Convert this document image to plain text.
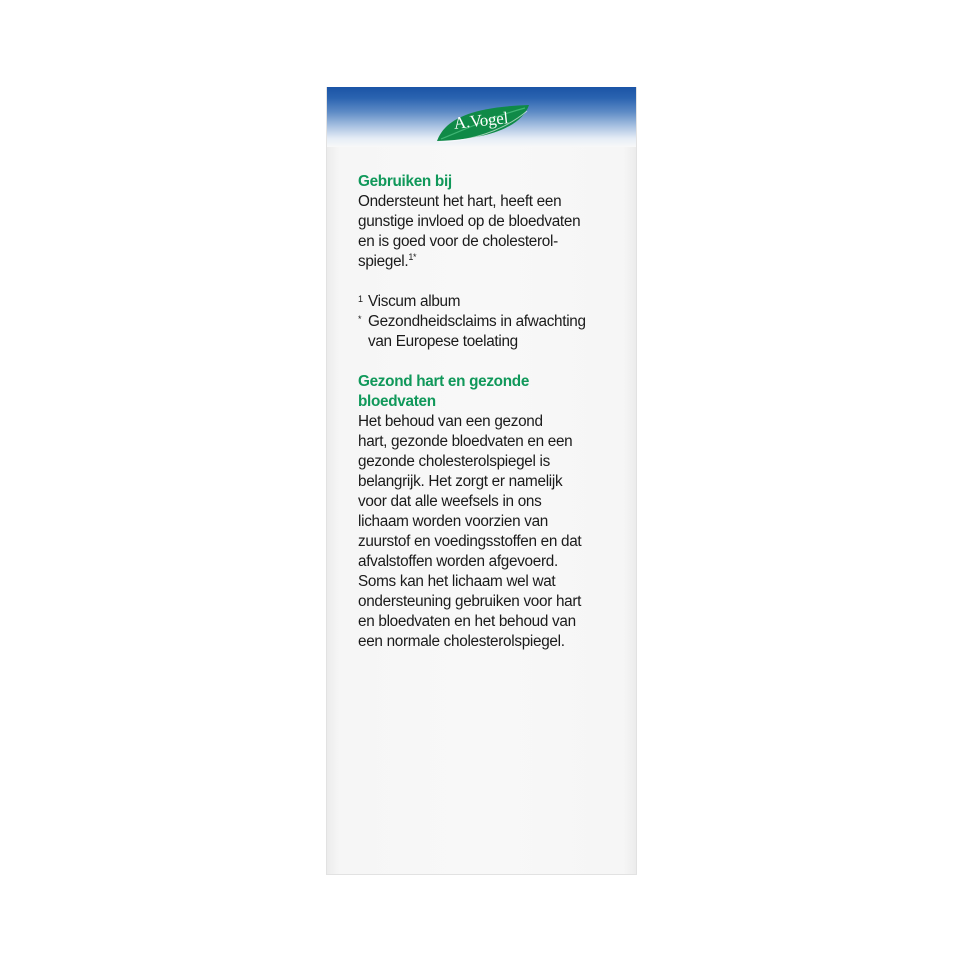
A.Vogel
Gebruiken bij

Ondersteunt het hart, heeft een
gunstige invloed op de bloedvaten
en is goed voor de cholesterol-
spiegel.$^{1*}$

1 Viscum album
* Gezondheidsclaims in afwachting
van Europese toelating
Gezond hart en gezonde
bloedvaten

Het behoud van een gezond
hart, gezonde bloedvaten en een
gezonde cholesterolspiegel is
belangrijk. Het zorgt er namelijk
voor dat alle weefsels in ons
lichaam worden voorzien van
zuurstof en voedingsstoffen en dat
afvalstoffen worden afgevoerd.
Soms kan het lichaam wel wat
ondersteuning gebruiken voor hart
en bloedvaten en het behoud van
een normale cholesterolspiegel.
